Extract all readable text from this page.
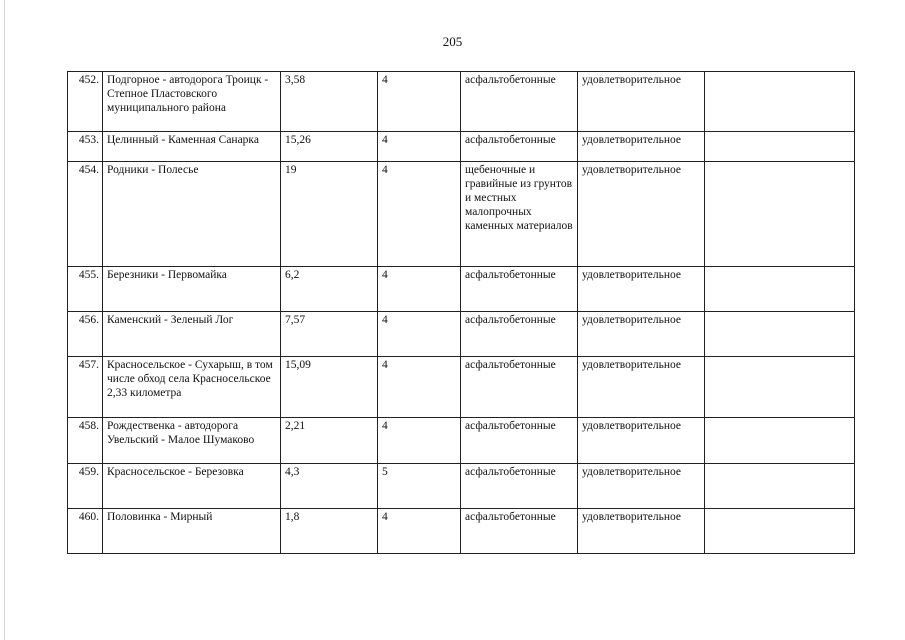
205
452.	Подгорное - автодорога Троицк - Степное Пластовского муниципального района	3,58	4	асфальтобетонные	удовлетворительное	
453.	Целинный - Каменная Санарка	15,26	4	асфальтобетонные	удовлетворительное	
454.	Родники - Полесье	19	4	щебеночные и гравийные из грунтов и местных малопрочных каменных материалов	удовлетворительное	
455.	Березники - Первомайка	6,2	4	асфальтобетонные	удовлетворительное	
456.	Каменский - Зеленый Лог	7,57	4	асфальтобетонные	удовлетворительное	
457.	Красносельское - Сухарыш, в том числе обход села Красносельское 2,33 километра	15,09	4	асфальтобетонные	удовлетворительное	
458.	Рождественка - автодорога Увельский - Малое Шумаково	2,21	4	асфальтобетонные	удовлетворительное	
459.	Красносельское - Березовка	4,3	5	асфальтобетонные	удовлетворительное	
460.	Половинка - Мирный	1,8	4	асфальтобетонные	удовлетворительное	
